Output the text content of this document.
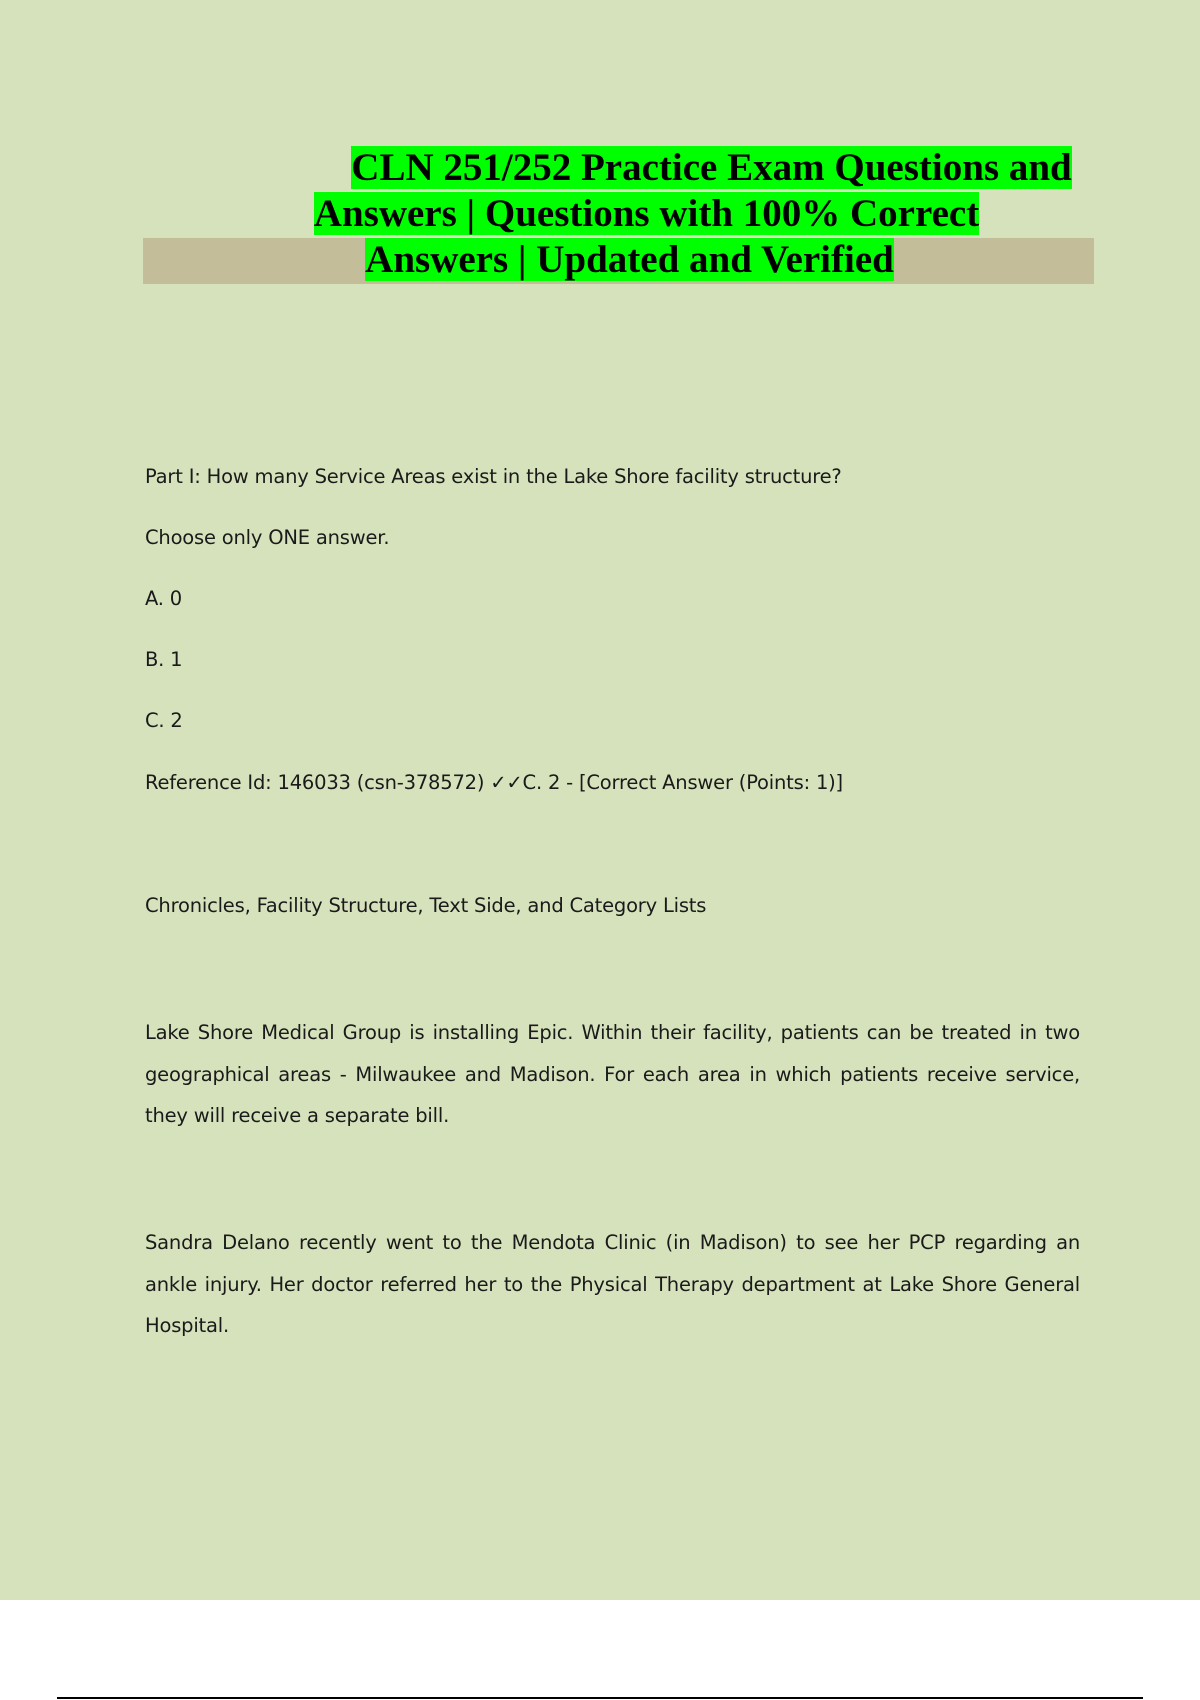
CLN 251/252 Practice Exam Questions and
Answers | Questions with 100% Correct
Answers | Updated and Verified
Part I: How many Service Areas exist in the Lake Shore facility structure?
Choose only ONE answer.
A. 0
B. 1
C. 2
Reference Id: 146033 (csn-378572) ✓✓C. 2 - [Correct Answer (Points: 1)]
Chronicles, Facility Structure, Text Side, and Category Lists

Lake Shore Medical Group is installing Epic. Within their facility, patients can be treated in two geographical areas - Milwaukee and Madison. For each area in which patients receive service, they will receive a separate bill.

Sandra Delano recently went to the Mendota Clinic (in Madison) to see her PCP regarding an ankle injury. Her doctor referred her to the Physical Therapy department at Lake Shore General Hospital.
